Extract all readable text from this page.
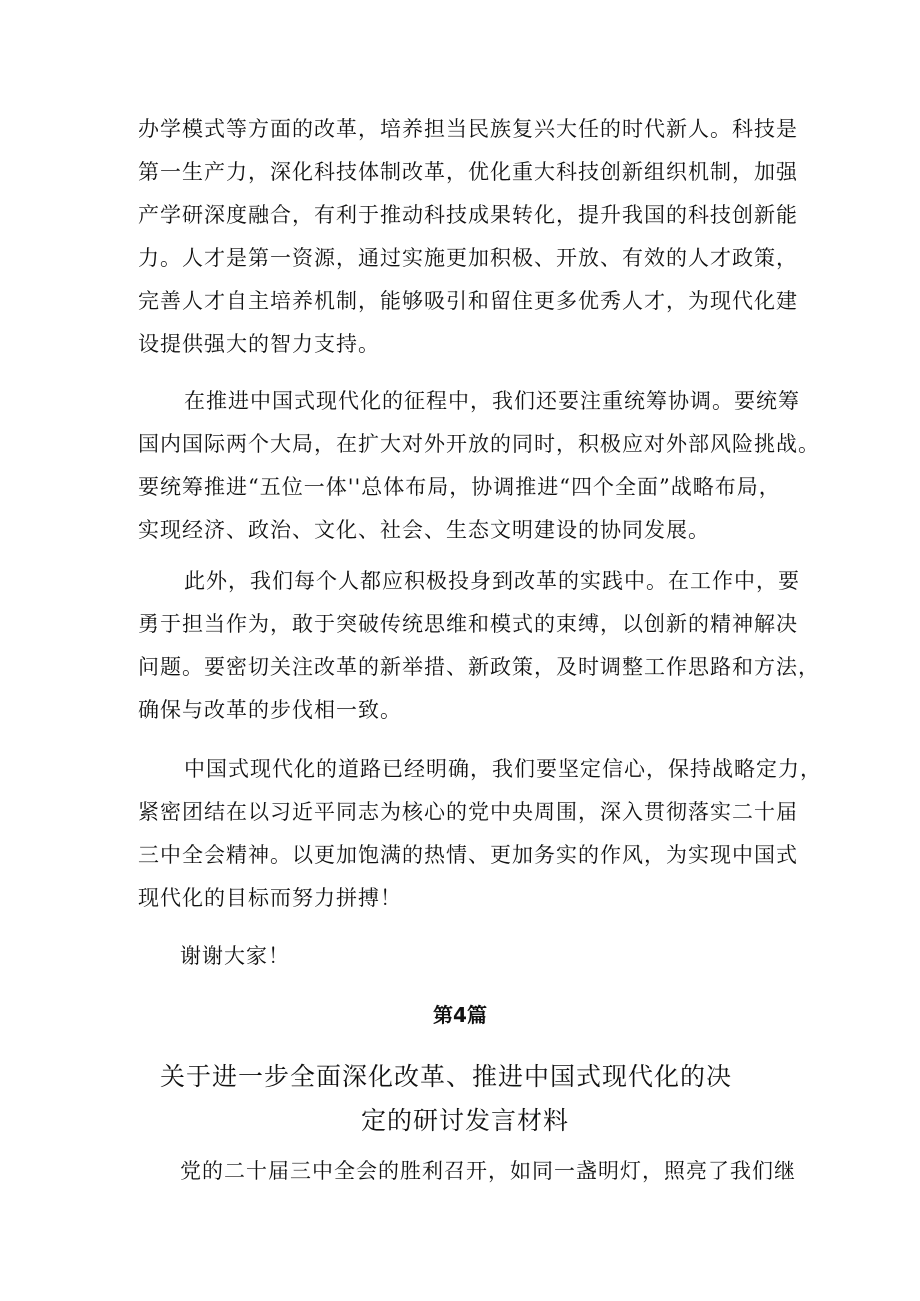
办学模式等方面的改革，培养担当民族复兴大任的时代新人。科技是
第一生产力，深化科技体制改革，优化重大科技创新组织机制，加强
产学研深度融合，有利于推动科技成果转化，提升我国的科技创新能
力。人才是第一资源，通过实施更加积极、开放、有效的人才政策，
完善人才自主培养机制，能够吸引和留住更多优秀人才，为现代化建
设提供强大的智力支持。
在推进中国式现代化的征程中，我们还要注重统筹协调。要统筹
国内国际两个大局，在扩大对外开放的同时，积极应对外部风险挑战。
要统筹推进“五位一体''总体布局，协调推进“四个全面”战略布局，
实现经济、政治、文化、社会、生态文明建设的协同发展。
此外，我们每个人都应积极投身到改革的实践中。在工作中，要
勇于担当作为，敢于突破传统思维和模式的束缚，以创新的精神解决
问题。要密切关注改革的新举措、新政策，及时调整工作思路和方法，
确保与改革的步伐相一致。
中国式现代化的道路已经明确，我们要坚定信心，保持战略定力，
紧密团结在以习近平同志为核心的党中央周围，深入贯彻落实二十届
三中全会精神。以更加饱满的热情、更加务实的作风，为实现中国式
现代化的目标而努力拼搏！
谢谢大家！
第4篇
关于进一步全面深化改革、推进中国式现代化的决
定的研讨发言材料
党的二十届三中全会的胜利召开，如同一盏明灯，照亮了我们继
